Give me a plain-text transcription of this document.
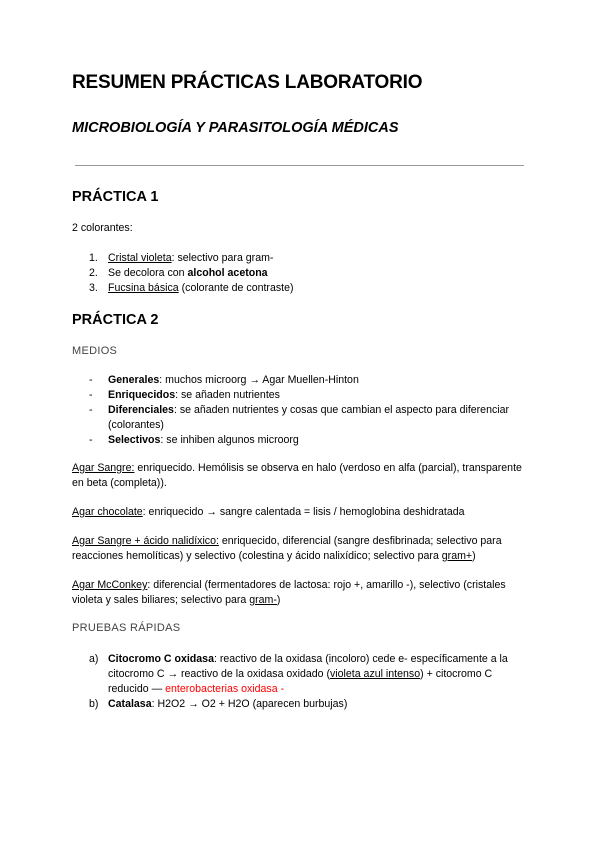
RESUMEN PRÁCTICAS LABORATORIO
MICROBIOLOGÍA Y PARASITOLOGÍA MÉDICAS
PRÁCTICA 1
2 colorantes:
1. Cristal violeta: selectivo para gram-
2. Se decolora con alcohol acetona
3. Fucsina básica (colorante de contraste)
PRÁCTICA 2
MEDIOS
- Generales: muchos microorg → Agar Muellen-Hinton
- Enriquecidos: se añaden nutrientes
- Diferenciales: se añaden nutrientes y cosas que cambian el aspecto para diferenciar (colorantes)
- Selectivos: se inhiben algunos microorg
Agar Sangre: enriquecido. Hemólisis se observa en halo (verdoso en alfa (parcial), transparente en beta (completa)).
Agar chocolate: enriquecido → sangre calentada = lisis / hemoglobina deshidratada
Agar Sangre + ácido nalidíxico: enriquecido, diferencial (sangre desfibrinada; selectivo para reacciones hemolíticas) y selectivo (colestina y ácido nalixídico; selectivo para gram+)
Agar McConkey: diferencial (fermentadores de lactosa: rojo +, amarillo -), selectivo (cristales violeta y sales biliares; selectivo para gram-)
PRUEBAS RÁPIDAS
a) Citocromo C oxidasa: reactivo de la oxidasa (incoloro) cede e- específicamente a la citocromo C → reactivo de la oxidasa oxidado (violeta azul intenso) + citocromo C reducido — enterobacterias oxidasa -
b) Catalasa: H2O2 → O2 + H2O (aparecen burbujas)
